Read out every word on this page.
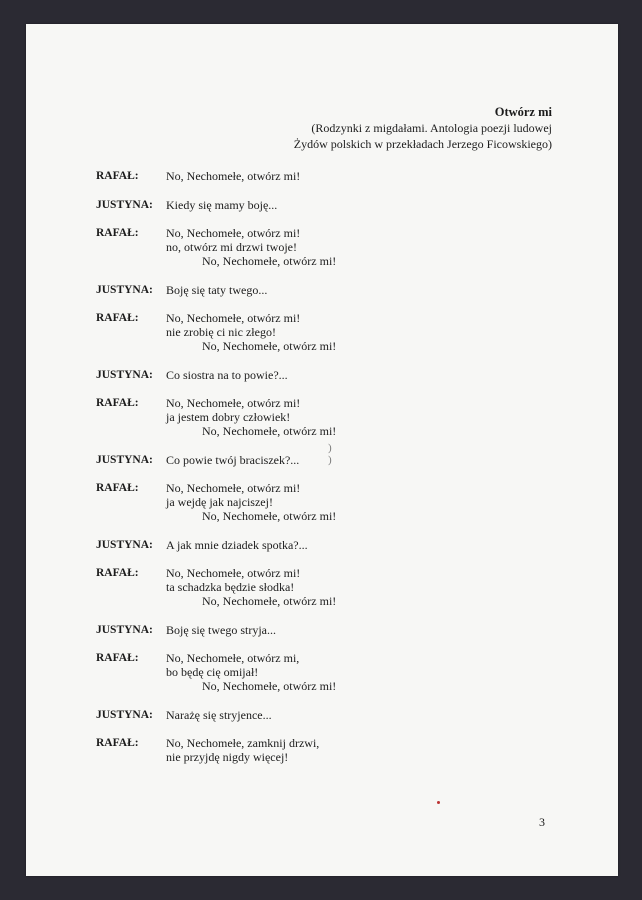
Otwórz mi
(Rodzynki z migdałami. Antologia poezji ludowej
Żydów polskich w przekładach Jerzego Ficowskiego)
RAFAŁ: No, Nechomełe, otwórz mi!
JUSTYNA: Kiedy się mamy boję...
RAFAŁ: No, Nechomełe, otwórz mi!
no, otwórz mi drzwi twoje!
No, Nechomełe, otwórz mi!
JUSTYNA: Boję się taty twego...
RAFAŁ: No, Nechomełe, otwórz mi!
nie zrobię ci nic złego!
No, Nechomełe, otwórz mi!
JUSTYNA: Co siostra na to powie?...
RAFAŁ: No, Nechomełe, otwórz mi!
ja jestem dobry człowiek!
No, Nechomełe, otwórz mi!
JUSTYNA: Co powie twój braciszek?...
RAFAŁ: No, Nechomełe, otwórz mi!
ja wejdę jak najciszej!
No, Nechomełe, otwórz mi!
JUSTYNA: A jak mnie dziadek spotka?...
RAFAŁ: No, Nechomełe, otwórz mi!
ta schadzka będzie słodka!
No, Nechomełe, otwórz mi!
JUSTYNA: Boję się twego stryja...
RAFAŁ: No, Nechomełe, otwórz mi,
bo będę cię omijał!
No, Nechomełe, otwórz mi!
JUSTYNA: Narażę się stryjence...
RAFAŁ: No, Nechomełe, zamknij drzwi,
nie przyjdę nigdy więcej!
)
)
3
